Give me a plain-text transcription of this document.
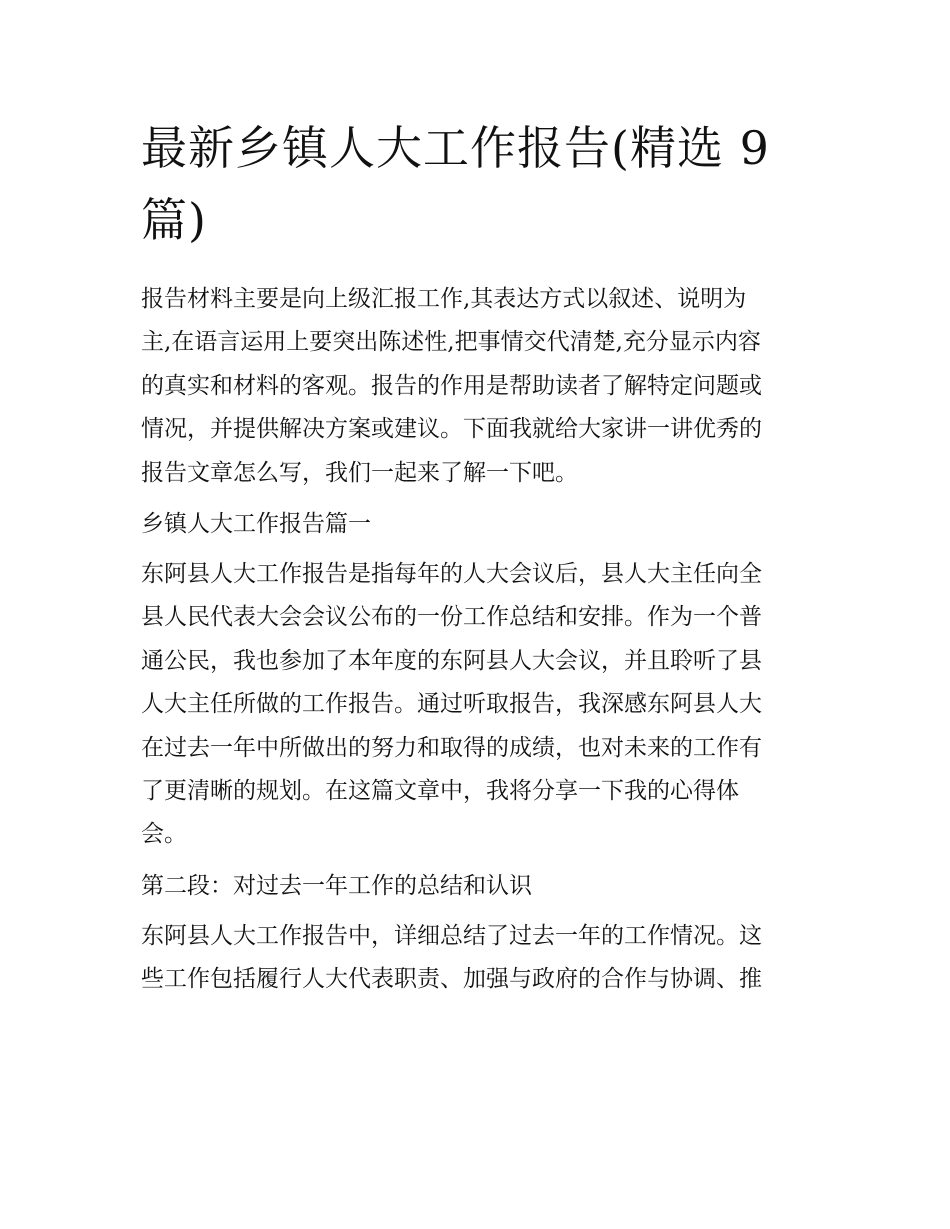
最新乡镇人大工作报告(精选 9
篇)

报告材料主要是向上级汇报工作,其表达方式以叙述、说明为
主,在语言运用上要突出陈述性,把事情交代清楚,充分显示内容
的真实和材料的客观。报告的作用是帮助读者了解特定问题或
情况，并提供解决方案或建议。下面我就给大家讲一讲优秀的
报告文章怎么写，我们一起来了解一下吧。

乡镇人大工作报告篇一

东阿县人大工作报告是指每年的人大会议后，县人大主任向全
县人民代表大会会议公布的一份工作总结和安排。作为一个普
通公民，我也参加了本年度的东阿县人大会议，并且聆听了县
人大主任所做的工作报告。通过听取报告，我深感东阿县人大
在过去一年中所做出的努力和取得的成绩，也对未来的工作有
了更清晰的规划。在这篇文章中，我将分享一下我的心得体
会。

第二段：对过去一年工作的总结和认识

东阿县人大工作报告中，详细总结了过去一年的工作情况。这
些工作包括履行人大代表职责、加强与政府的合作与协调、推
